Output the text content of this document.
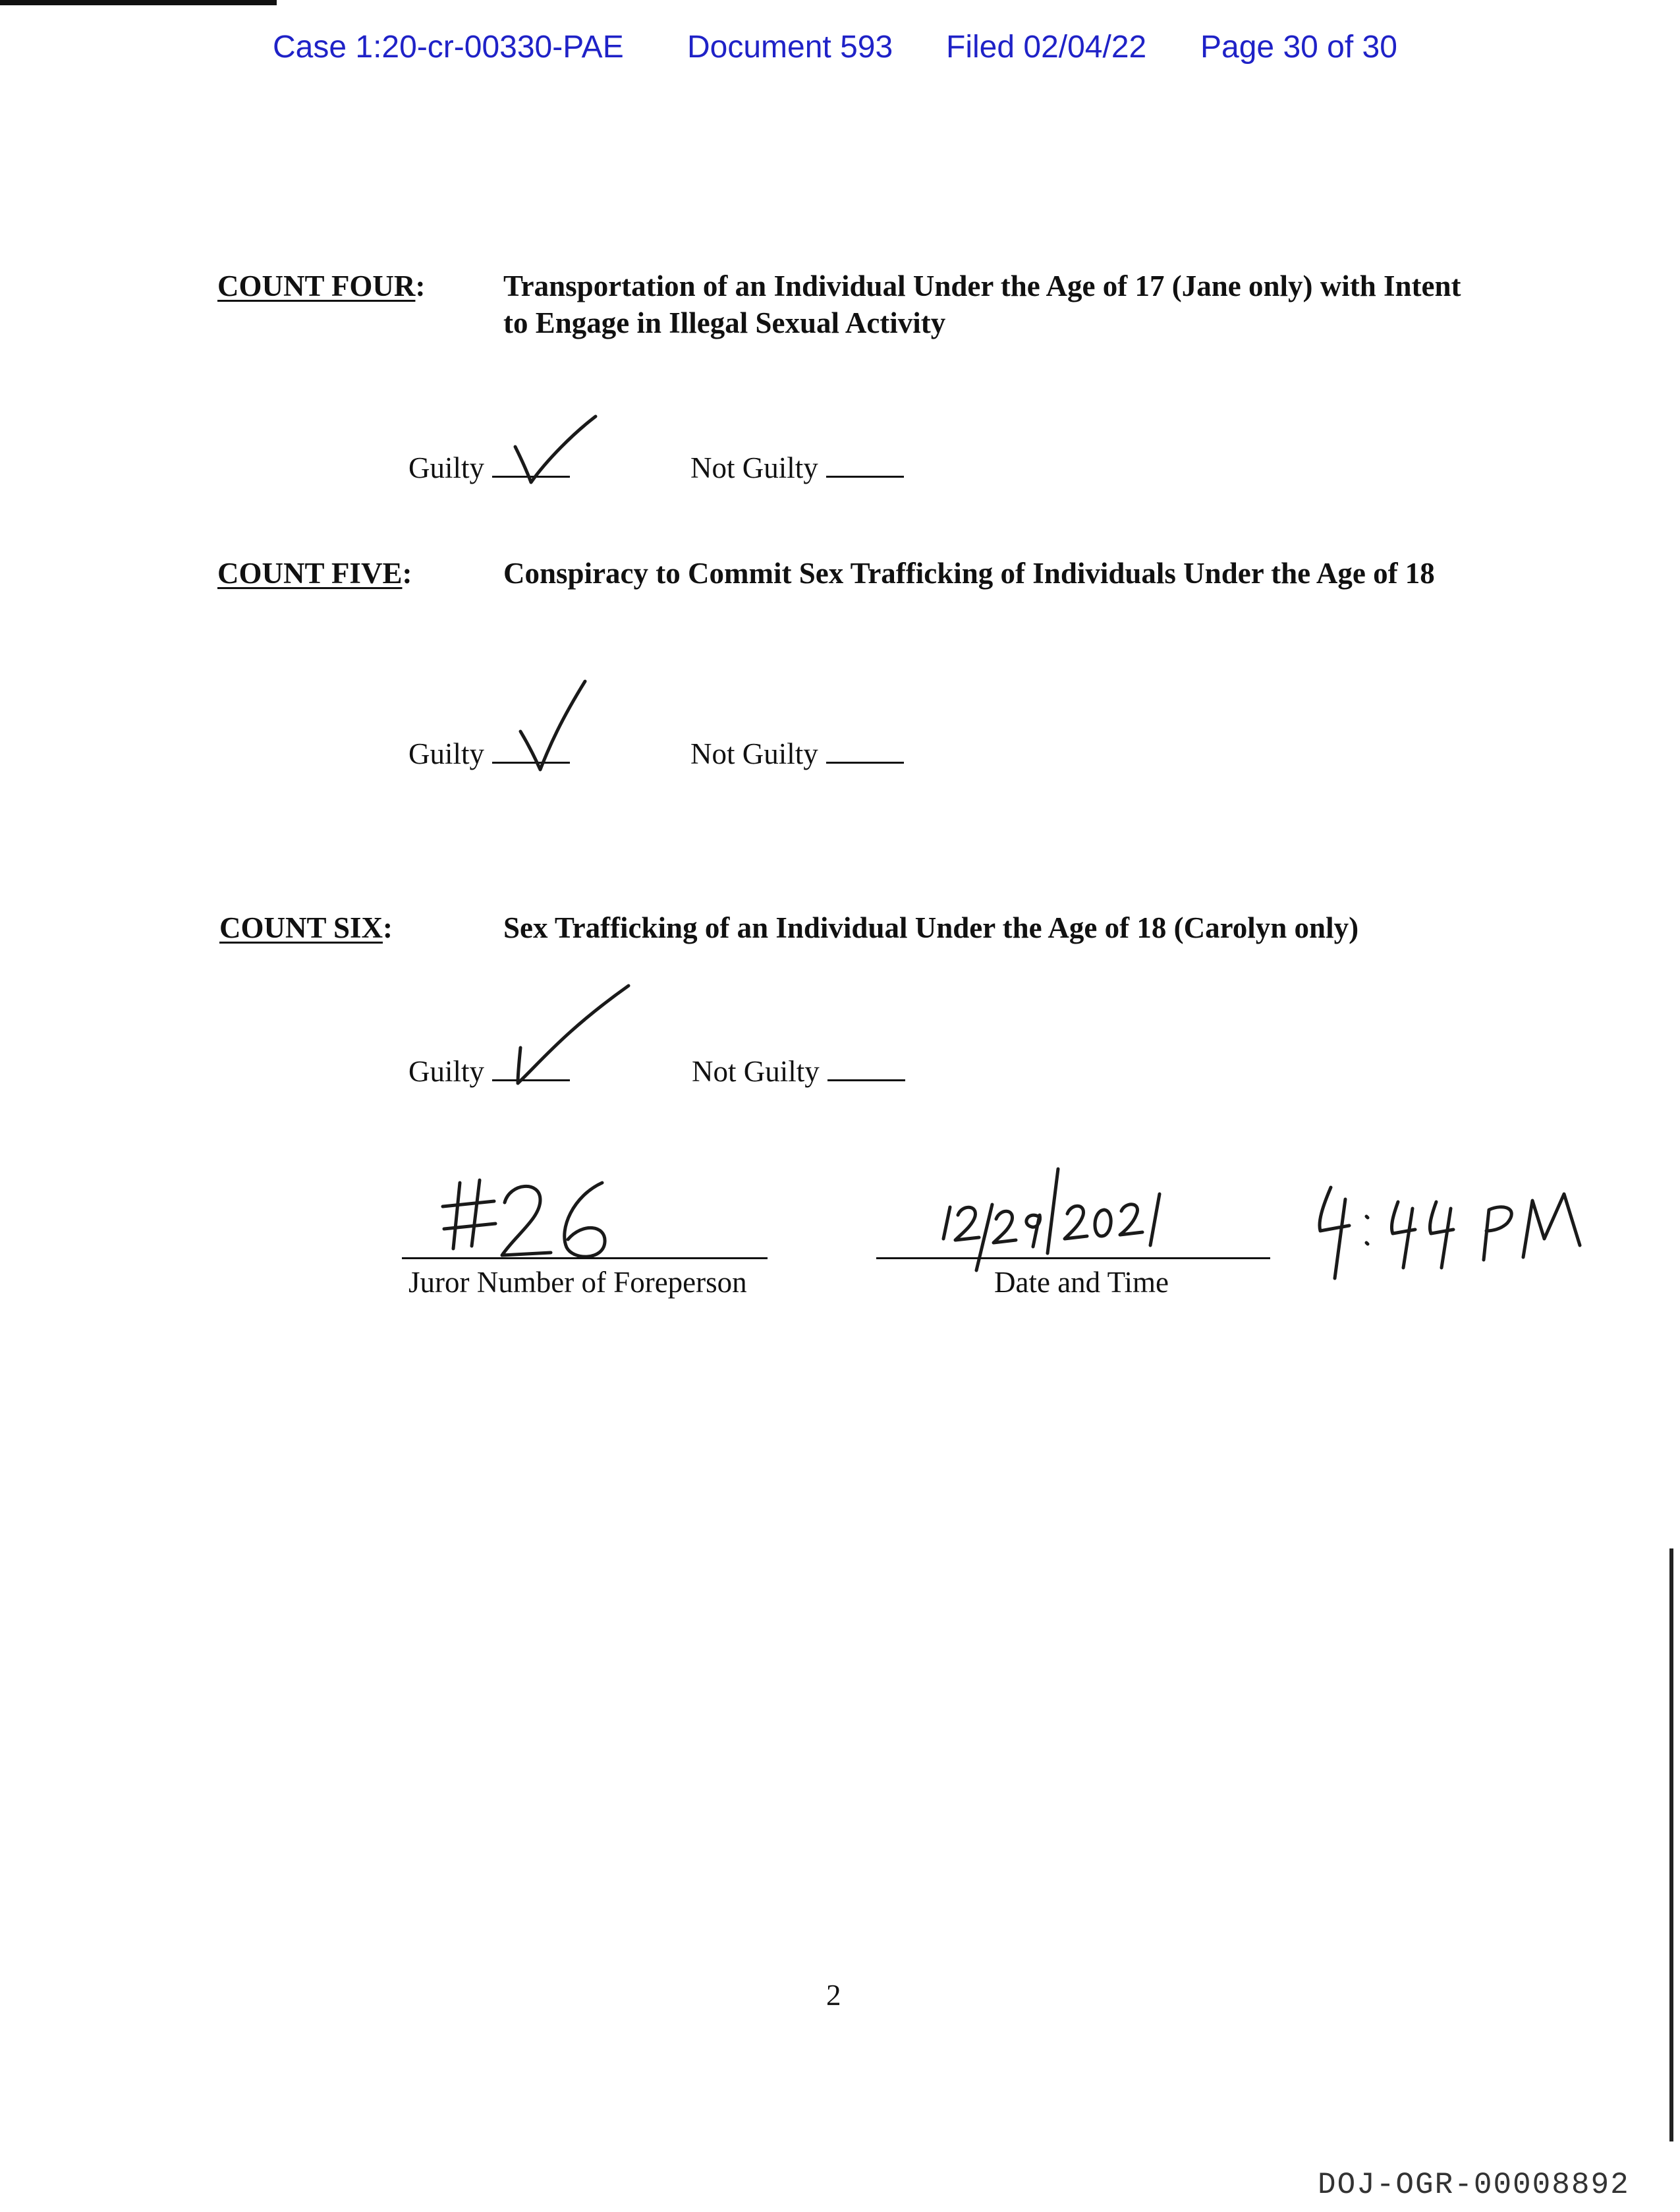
Case 1:20-cr-00330-PAE Document 593 Filed 02/04/22 Page 30 of 30
COUNT FOUR:	Transportation of an Individual Under the Age of 17 (Jane only) with Intent to Engage in Illegal Sexual Activity
Guilty	Not Guilty
COUNT FIVE:	Conspiracy to Commit Sex Trafficking of Individuals Under the Age of 18
Guilty	Not Guilty
COUNT SIX:	Sex Trafficking of an Individual Under the Age of 18 (Carolyn only)
Guilty	Not Guilty
Juror Number of Foreperson	Date and Time
2
DOJ-OGR-00008892
